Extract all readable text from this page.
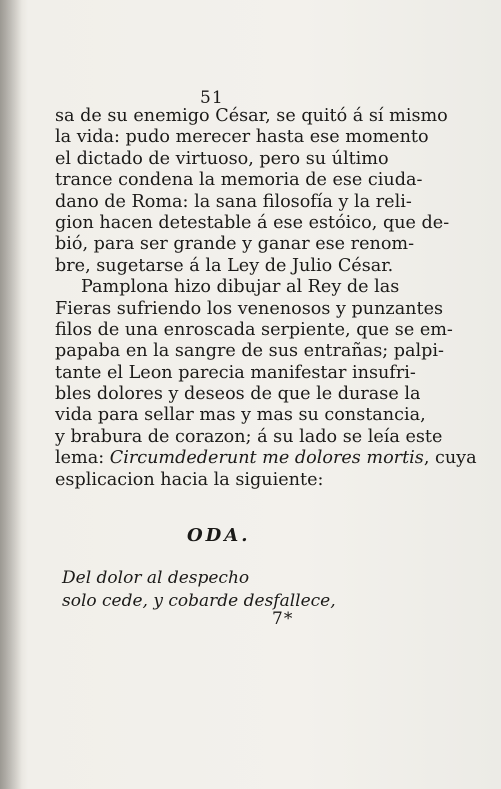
51
sa de su enemigo César, se quitó á sí mismo
la vida: pudo merecer hasta ese momento
el dictado de virtuoso, pero su último
trance condena la memoria de ese ciuda-
dano de Roma: la sana filosofía y la reli-
gion hacen detestable á ese estóico, que de-
bió, para ser grande y ganar ese renom-
bre, sugetarse á la Ley de Julio César.
Pamplona hizo dibujar al Rey de las
Fieras sufriendo los venenosos y punzantes
filos de una enroscada serpiente, que se em-
papaba en la sangre de sus entrañas; palpi-
tante el Leon parecia manifestar insufri-
bles dolores y deseos de que le durase la
vida para sellar mas y mas su constancia,
y brabura de corazon; á su lado se leía este
lema: Circumdederunt me dolores mortis, cuya
esplicacion hacia la siguiente:
ODA.
Del dolor al despecho
solo cede, y cobarde desfallece,
7*
